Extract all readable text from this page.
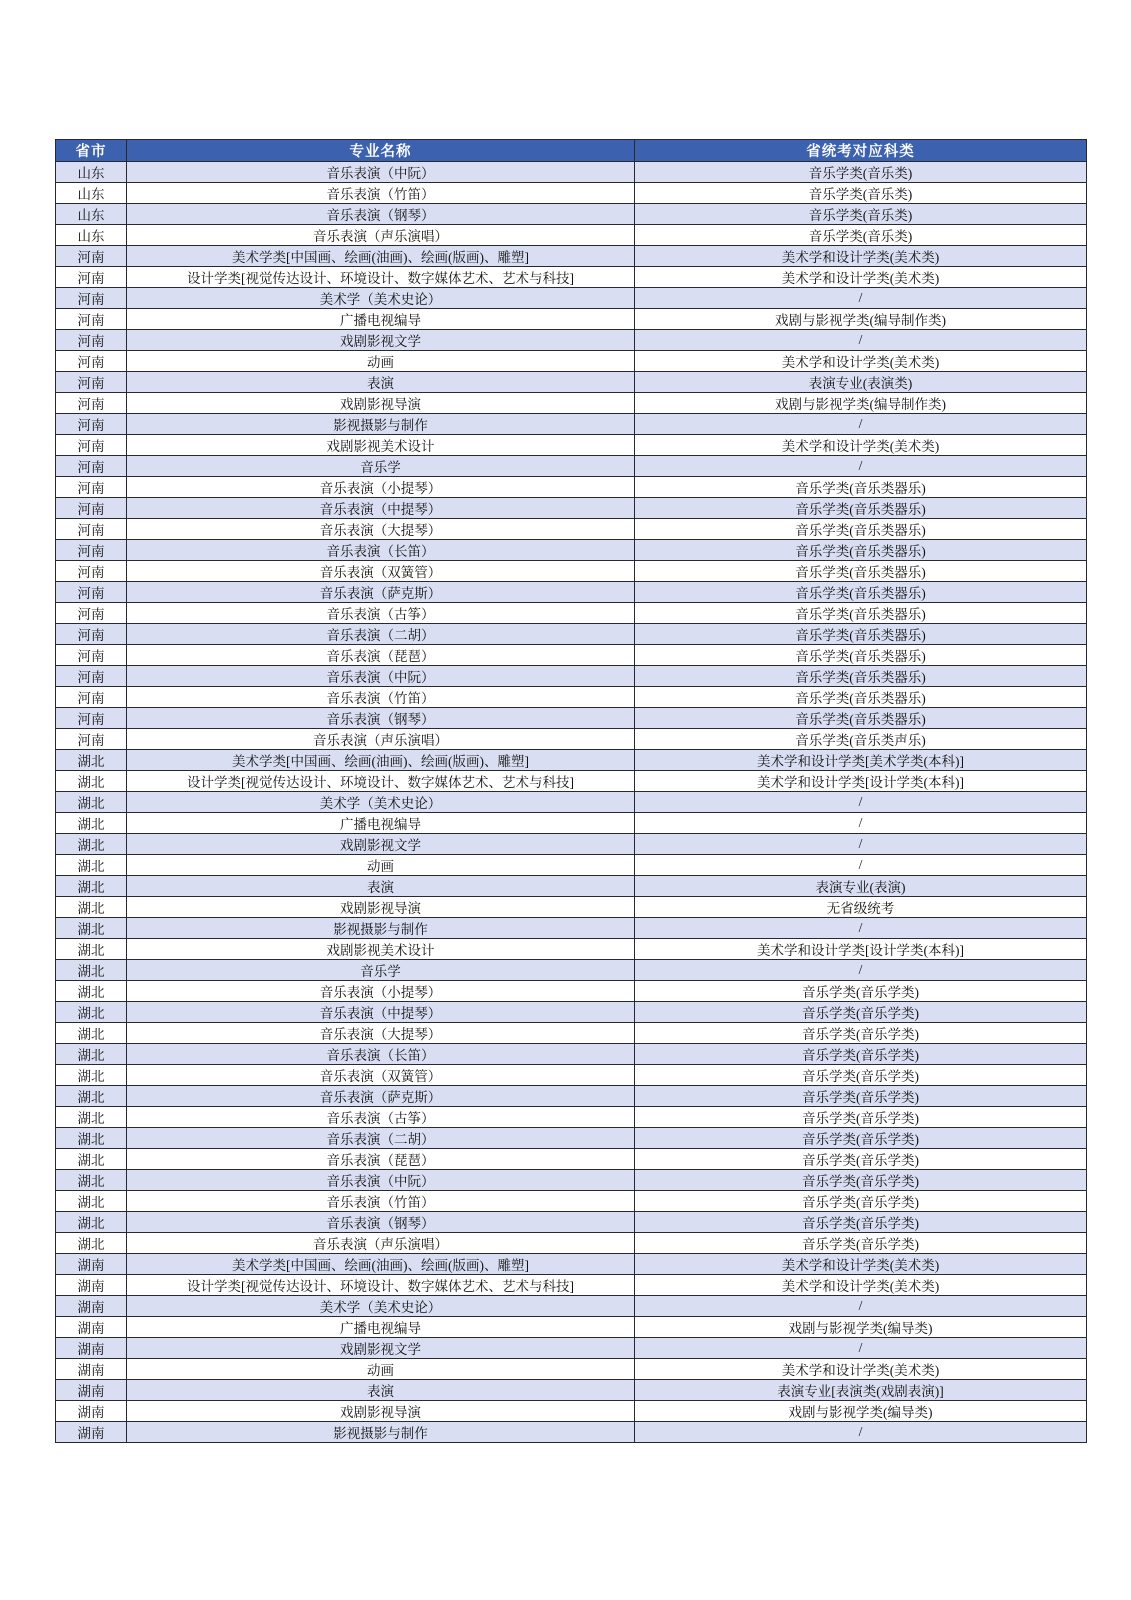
省市	专业名称	省统考对应科类
山东	音乐表演（中阮）	音乐学类(音乐类)
山东	音乐表演（竹笛）	音乐学类(音乐类)
山东	音乐表演（钢琴）	音乐学类(音乐类)
山东	音乐表演（声乐演唱）	音乐学类(音乐类)
河南	美术学类[中国画、绘画(油画)、绘画(版画)、雕塑]	美术学和设计学类(美术类)
河南	设计学类[视觉传达设计、环境设计、数字媒体艺术、艺术与科技]	美术学和设计学类(美术类)
河南	美术学（美术史论）	/
河南	广播电视编导	戏剧与影视学类(编导制作类)
河南	戏剧影视文学	/
河南	动画	美术学和设计学类(美术类)
河南	表演	表演专业(表演类)
河南	戏剧影视导演	戏剧与影视学类(编导制作类)
河南	影视摄影与制作	/
河南	戏剧影视美术设计	美术学和设计学类(美术类)
河南	音乐学	/
河南	音乐表演（小提琴）	音乐学类(音乐类器乐)
河南	音乐表演（中提琴）	音乐学类(音乐类器乐)
河南	音乐表演（大提琴）	音乐学类(音乐类器乐)
河南	音乐表演（长笛）	音乐学类(音乐类器乐)
河南	音乐表演（双簧管）	音乐学类(音乐类器乐)
河南	音乐表演（萨克斯）	音乐学类(音乐类器乐)
河南	音乐表演（古筝）	音乐学类(音乐类器乐)
河南	音乐表演（二胡）	音乐学类(音乐类器乐)
河南	音乐表演（琵琶）	音乐学类(音乐类器乐)
河南	音乐表演（中阮）	音乐学类(音乐类器乐)
河南	音乐表演（竹笛）	音乐学类(音乐类器乐)
河南	音乐表演（钢琴）	音乐学类(音乐类器乐)
河南	音乐表演（声乐演唱）	音乐学类(音乐类声乐)
湖北	美术学类[中国画、绘画(油画)、绘画(版画)、雕塑]	美术学和设计学类[美术学类(本科)]
湖北	设计学类[视觉传达设计、环境设计、数字媒体艺术、艺术与科技]	美术学和设计学类[设计学类(本科)]
湖北	美术学（美术史论）	/
湖北	广播电视编导	/
湖北	戏剧影视文学	/
湖北	动画	/
湖北	表演	表演专业(表演)
湖北	戏剧影视导演	无省级统考
湖北	影视摄影与制作	/
湖北	戏剧影视美术设计	美术学和设计学类[设计学类(本科)]
湖北	音乐学	/
湖北	音乐表演（小提琴）	音乐学类(音乐学类)
湖北	音乐表演（中提琴）	音乐学类(音乐学类)
湖北	音乐表演（大提琴）	音乐学类(音乐学类)
湖北	音乐表演（长笛）	音乐学类(音乐学类)
湖北	音乐表演（双簧管）	音乐学类(音乐学类)
湖北	音乐表演（萨克斯）	音乐学类(音乐学类)
湖北	音乐表演（古筝）	音乐学类(音乐学类)
湖北	音乐表演（二胡）	音乐学类(音乐学类)
湖北	音乐表演（琵琶）	音乐学类(音乐学类)
湖北	音乐表演（中阮）	音乐学类(音乐学类)
湖北	音乐表演（竹笛）	音乐学类(音乐学类)
湖北	音乐表演（钢琴）	音乐学类(音乐学类)
湖北	音乐表演（声乐演唱）	音乐学类(音乐学类)
湖南	美术学类[中国画、绘画(油画)、绘画(版画)、雕塑]	美术学和设计学类(美术类)
湖南	设计学类[视觉传达设计、环境设计、数字媒体艺术、艺术与科技]	美术学和设计学类(美术类)
湖南	美术学（美术史论）	/
湖南	广播电视编导	戏剧与影视学类(编导类)
湖南	戏剧影视文学	/
湖南	动画	美术学和设计学类(美术类)
湖南	表演	表演专业[表演类(戏剧表演)]
湖南	戏剧影视导演	戏剧与影视学类(编导类)
湖南	影视摄影与制作	/
